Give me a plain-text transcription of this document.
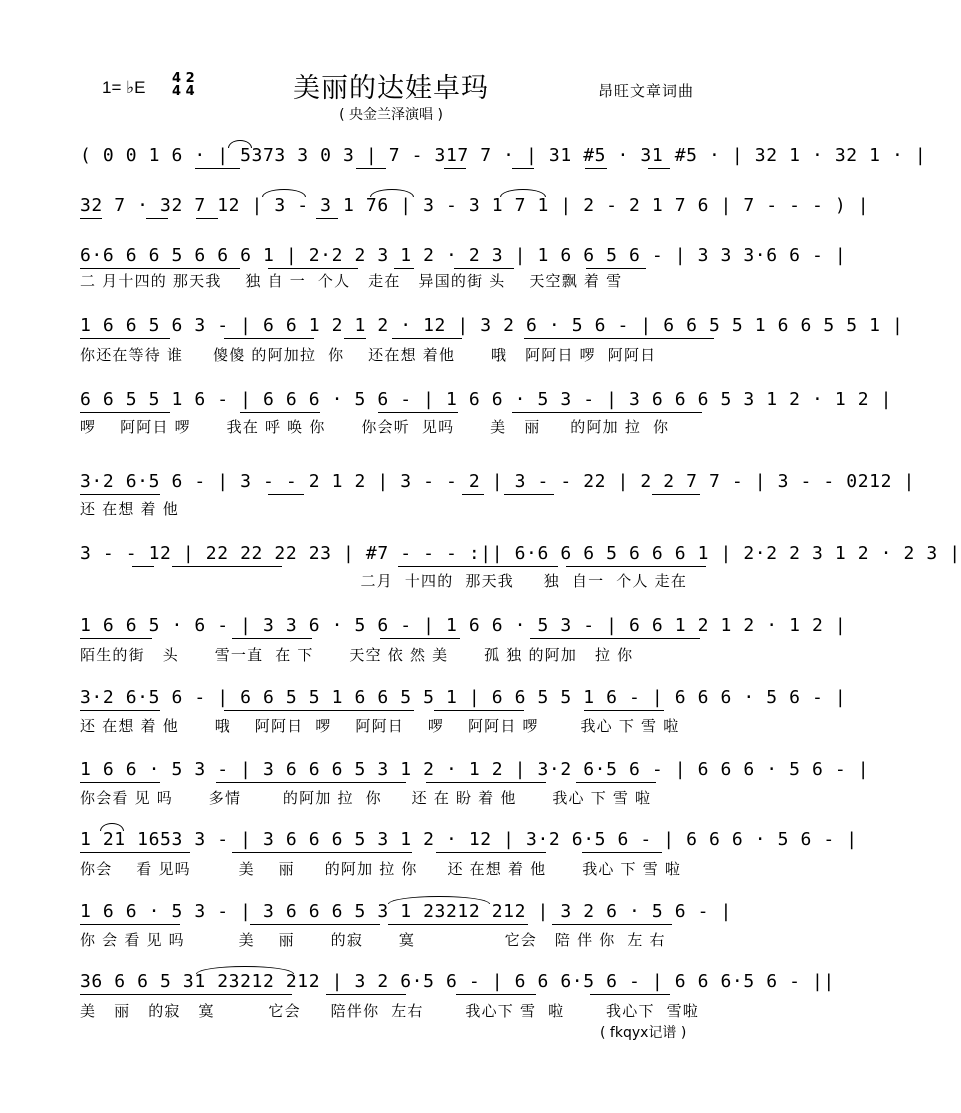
1= ♭E 4 2
4 4	美丽的达娃卓玛
( 央金兰泽演唱 )
昂旺文章词曲
( 0 0 1 6 · | 5373 3 0 3 | 7 - 317 7 · | 31 #5 · 31 #5 · | 32 1 · 32 1 · |
32 7 · 32 7 12 | 3 - 3 1 76 | 3 - 3 1 7 1 | 2 - 2 1 7 6 | 7 - - - ) |
6·6 6 6 5 6 6 6 1 | 2·2 2 3 1 2 · 2 3 | 1 6 6 5 6 - | 3 3 3·6 6 - |
二 月十四的 那天我    独 自 一  个人   走在   异国的街 头    天空飘 着 雪
1 6 6 5 6 3 - | 6 6 1 2 1 2 · 12 | 3 2 6 · 5 6 - | 6 6 5 5 1 6 6 5 5 1 |
你还在等待 谁     傻傻 的阿加拉  你    还在想 着他      哦   阿阿日 啰  阿阿日
6 6 5 5 1 6 - | 6 6 6 · 5 6 - | 1 6 6 · 5 3 - | 3 6 6 6 5 3 1 2 · 1 2 |
啰    阿阿日 啰      我在 呼 唤 你      你会听  见吗      美   丽     的阿加 拉  你
3·2 6·5 6 - | 3 - - 2 1 2 | 3 - - 2 | 3 - - 22 | 2 2 7 7 - | 3 - - 0212 |
还 在想 着 他
3 - - 12 | 22 22 22 23 | #7 - - - :|| 6·6 6 6 5 6 6 6 1 | 2·2 2 3 1 2 · 2 3 |
二月  十四的  那天我     独  自一  个人 走在
1 6 6 5 · 6 - | 3 3 6 · 5 6 - | 1 6 6 · 5 3 - | 6 6 1 2 1 2 · 1 2 |
陌生的街   头      雪一直  在 下      天空 依 然 美      孤 独 的阿加   拉 你
3·2 6·5 6 - | 6 6 5 5 1 6 6 5 5 1 | 6 6 5 5 1 6 - | 6 6 6 · 5 6 - |
还 在想 着 他      哦    阿阿日  啰    阿阿日    啰    阿阿日 啰       我心 下 雪 啦
1 6 6 · 5 3 - | 3 6 6 6 5 3 1 2 · 1 2 | 3·2 6·5 6 - | 6 6 6 · 5 6 - |
你会看 见 吗      多情       的阿加 拉  你     还 在 盼 着 他      我心 下 雪 啦
1 21 1653 3 - | 3 6 6 6 5 3 1 2 · 12 | 3·2 6·5 6 - | 6 6 6 · 5 6 - |
你会    看 见吗        美    丽     的阿加 拉 你     还 在想 着 他      我心 下 雪 啦
1 6 6 · 5 3 - | 3 6 6 6 5 3 1 23212 212 | 3 2 6 · 5 6 - |
你 会 看 见 吗         美    丽      的寂      寞               它会   陪 伴 你  左 右
36 6 6 5 31 23212 212 | 3 2 6·5 6 - | 6 6 6·5 6 - | 6 6 6·5 6 - ||
美   丽   的寂   寞         它会     陪伴你  左右       我心下 雪  啦       我心下  雪啦
( fkqyx记谱 )
